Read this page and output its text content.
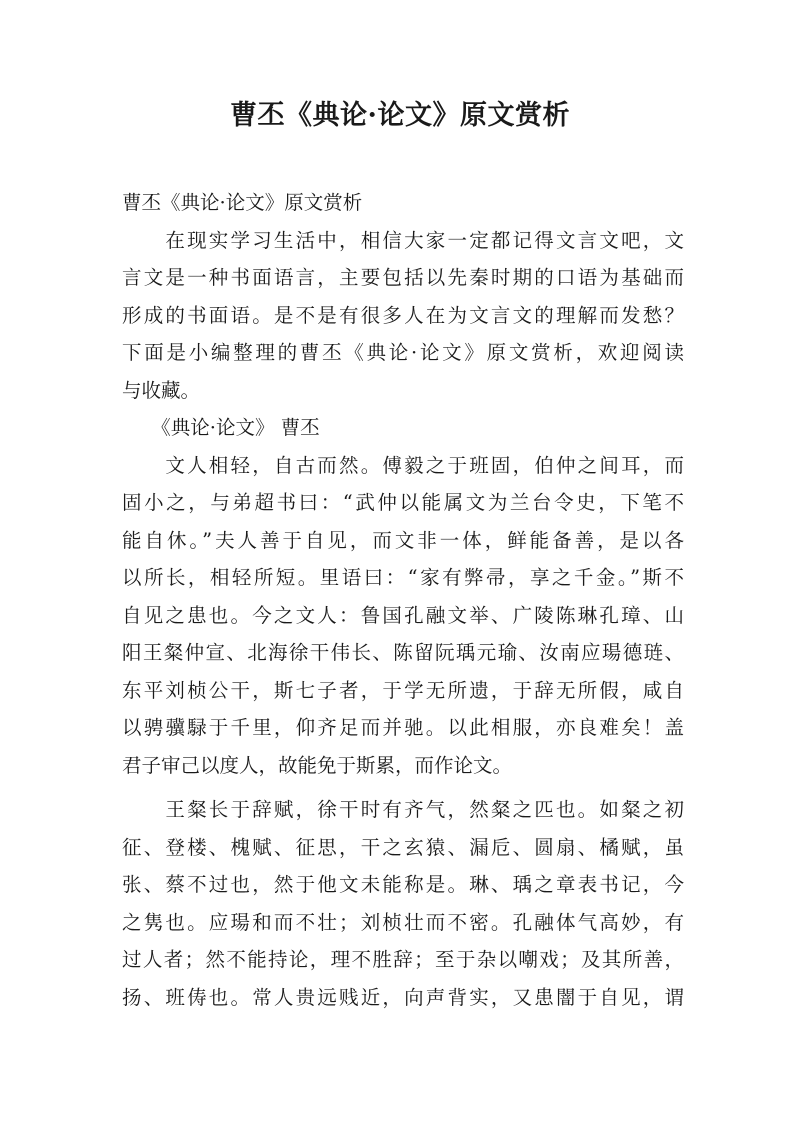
曹丕《典论·论文》原文赏析
曹丕《典论·论文》原文赏析
　　在现实学习生活中，相信大家一定都记得文言文吧，文
言文是一种书面语言，主要包括以先秦时期的口语为基础而
形成的书面语。是不是有很多人在为文言文的理解而发愁？
下面是小编整理的曹丕《典论·论文》原文赏析，欢迎阅读
与收藏。
　　《典论·论文》 曹丕
　　文人相轻，自古而然。傅毅之于班固，伯仲之间耳，而
固小之，与弟超书曰：“武仲以能属文为兰台令史，下笔不
能自休。”夫人善于自见，而文非一体，鲜能备善，是以各
以所长，相轻所短。里语曰：“家有弊帚，享之千金。”斯不
自见之患也。今之文人：鲁国孔融文举、广陵陈琳孔璋、山
阳王粲仲宣、北海徐干伟长、陈留阮瑀元瑜、汝南应瑒德琏、
东平刘桢公干，斯七子者，于学无所遗，于辞无所假，咸自
以骋骥騄于千里，仰齐足而并驰。以此相服，亦良难矣！盖
君子审己以度人，故能免于斯累，而作论文。
　　王粲长于辞赋，徐干时有齐气，然粲之匹也。如粲之初
征、登楼、槐赋、征思，干之玄猿、漏卮、圆扇、橘赋，虽
张、蔡不过也，然于他文未能称是。琳、瑀之章表书记，今
之隽也。应瑒和而不壮；刘桢壮而不密。孔融体气高妙，有
过人者；然不能持论，理不胜辞；至于杂以嘲戏；及其所善，
扬、班俦也。常人贵远贱近，向声背实，又患闇于自见，谓
